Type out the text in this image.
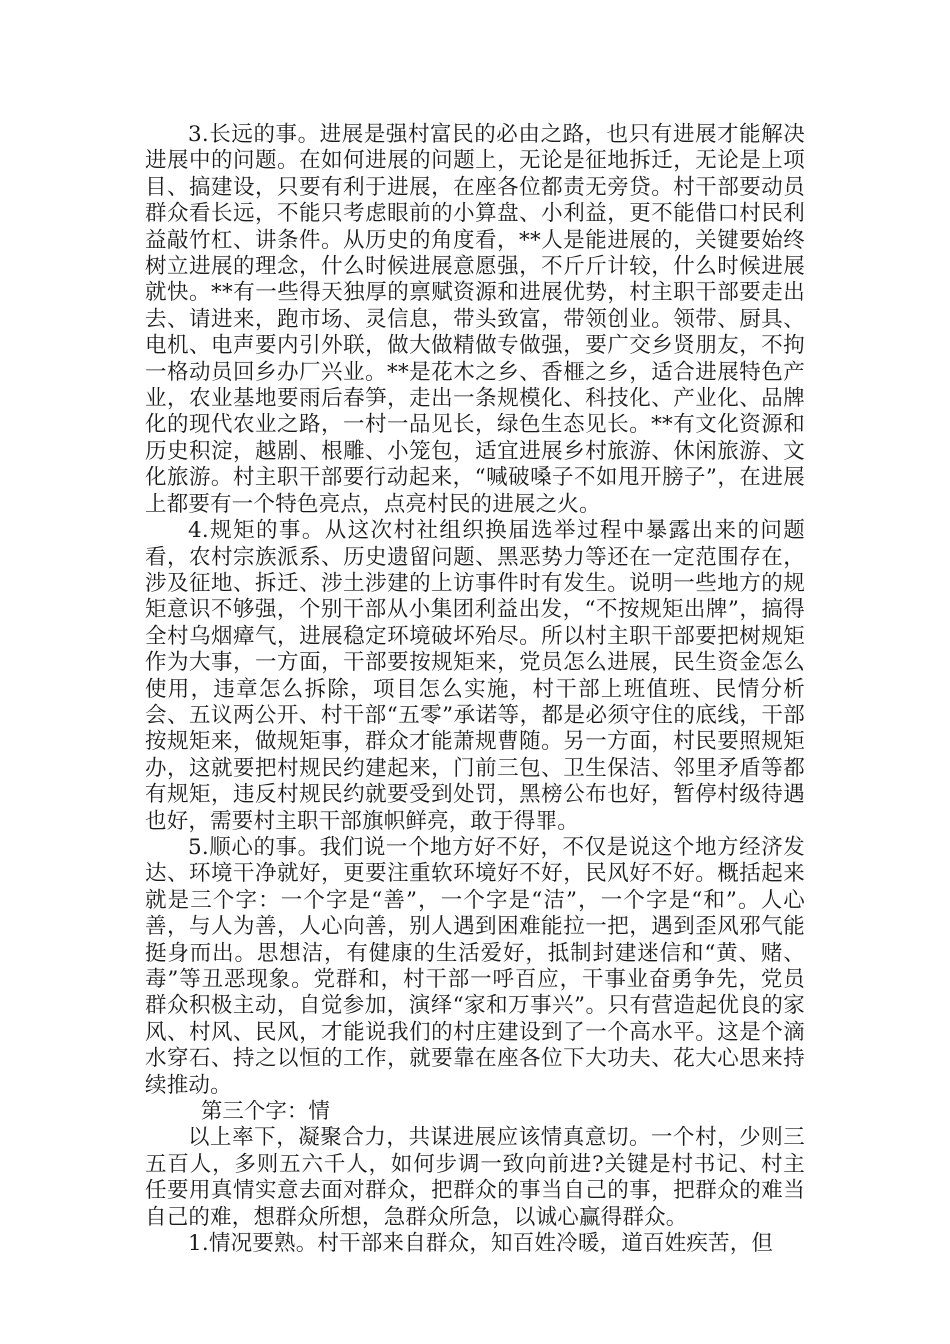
3.长远的事。进展是强村富民的必由之路，也只有进展才能解决进展中的问题。在如何进展的问题上，无论是征地拆迁，无论是上项目、搞建设，只要有利于进展，在座各位都责无旁贷。村干部要动员群众看长远，不能只考虑眼前的小算盘、小利益，更不能借口村民利益敲竹杠、讲条件。从历史的角度看，**人是能进展的，关键要始终树立进展的理念，什么时候进展意愿强，不斤斤计较，什么时候进展就快。**有一些得天独厚的禀赋资源和进展优势，村主职干部要走出去、请进来，跑市场、灵信息，带头致富，带领创业。领带、厨具、电机、电声要内引外联，做大做精做专做强，要广交乡贤朋友，不拘一格动员回乡办厂兴业。**是花木之乡、香榧之乡，适合进展特色产业，农业基地要雨后春笋，走出一条规模化、科技化、产业化、品牌化的现代农业之路，一村一品见长，绿色生态见长。**有文化资源和历史积淀，越剧、根雕、小笼包，适宜进展乡村旅游、休闲旅游、文化旅游。村主职干部要行动起来，“喊破嗓子不如甩开膀子”，在进展上都要有一个特色亮点，点亮村民的进展之火。

4.规矩的事。从这次村社组织换届选举过程中暴露出来的问题看，农村宗族派系、历史遗留问题、黑恶势力等还在一定范围存在，涉及征地、拆迁、涉土涉建的上访事件时有发生。说明一些地方的规矩意识不够强，个别干部从小集团利益出发，“不按规矩出牌”，搞得全村乌烟瘴气，进展稳定环境破坏殆尽。所以村主职干部要把树规矩作为大事，一方面，干部要按规矩来，党员怎么进展，民生资金怎么使用，违章怎么拆除，项目怎么实施，村干部上班值班、民情分析会、五议两公开、村干部“五零”承诺等，都是必须守住的底线，干部按规矩来，做规矩事，群众才能萧规曹随。另一方面，村民要照规矩办，这就要把村规民约建起来，门前三包、卫生保洁、邻里矛盾等都有规矩，违反村规民约就要受到处罚，黑榜公布也好，暂停村级待遇也好，需要村主职干部旗帜鲜亮，敢于得罪。

5.顺心的事。我们说一个地方好不好，不仅是说这个地方经济发达、环境干净就好，更要注重软环境好不好，民风好不好。概括起来就是三个字：一个字是“善”，一个字是“洁”，一个字是“和”。人心善，与人为善，人心向善，别人遇到困难能拉一把，遇到歪风邪气能挺身而出。思想洁，有健康的生活爱好，抵制封建迷信和“黄、赌、毒”等丑恶现象。党群和，村干部一呼百应，干事业奋勇争先，党员群众积极主动，自觉参加，演绎“家和万事兴”。只有营造起优良的家风、村风、民风，才能说我们的村庄建设到了一个高水平。这是个滴水穿石、持之以恒的工作，就要靠在座各位下大功夫、花大心思来持续推动。

第三个字：情

以上率下，凝聚合力，共谋进展应该情真意切。一个村，少则三五百人，多则五六千人，如何步调一致向前进?关键是村书记、村主任要用真情实意去面对群众，把群众的事当自己的事，把群众的难当自己的难，想群众所想，急群众所急，以诚心赢得群众。

1.情况要熟。村干部来自群众，知百姓冷暖，道百姓疾苦，但
